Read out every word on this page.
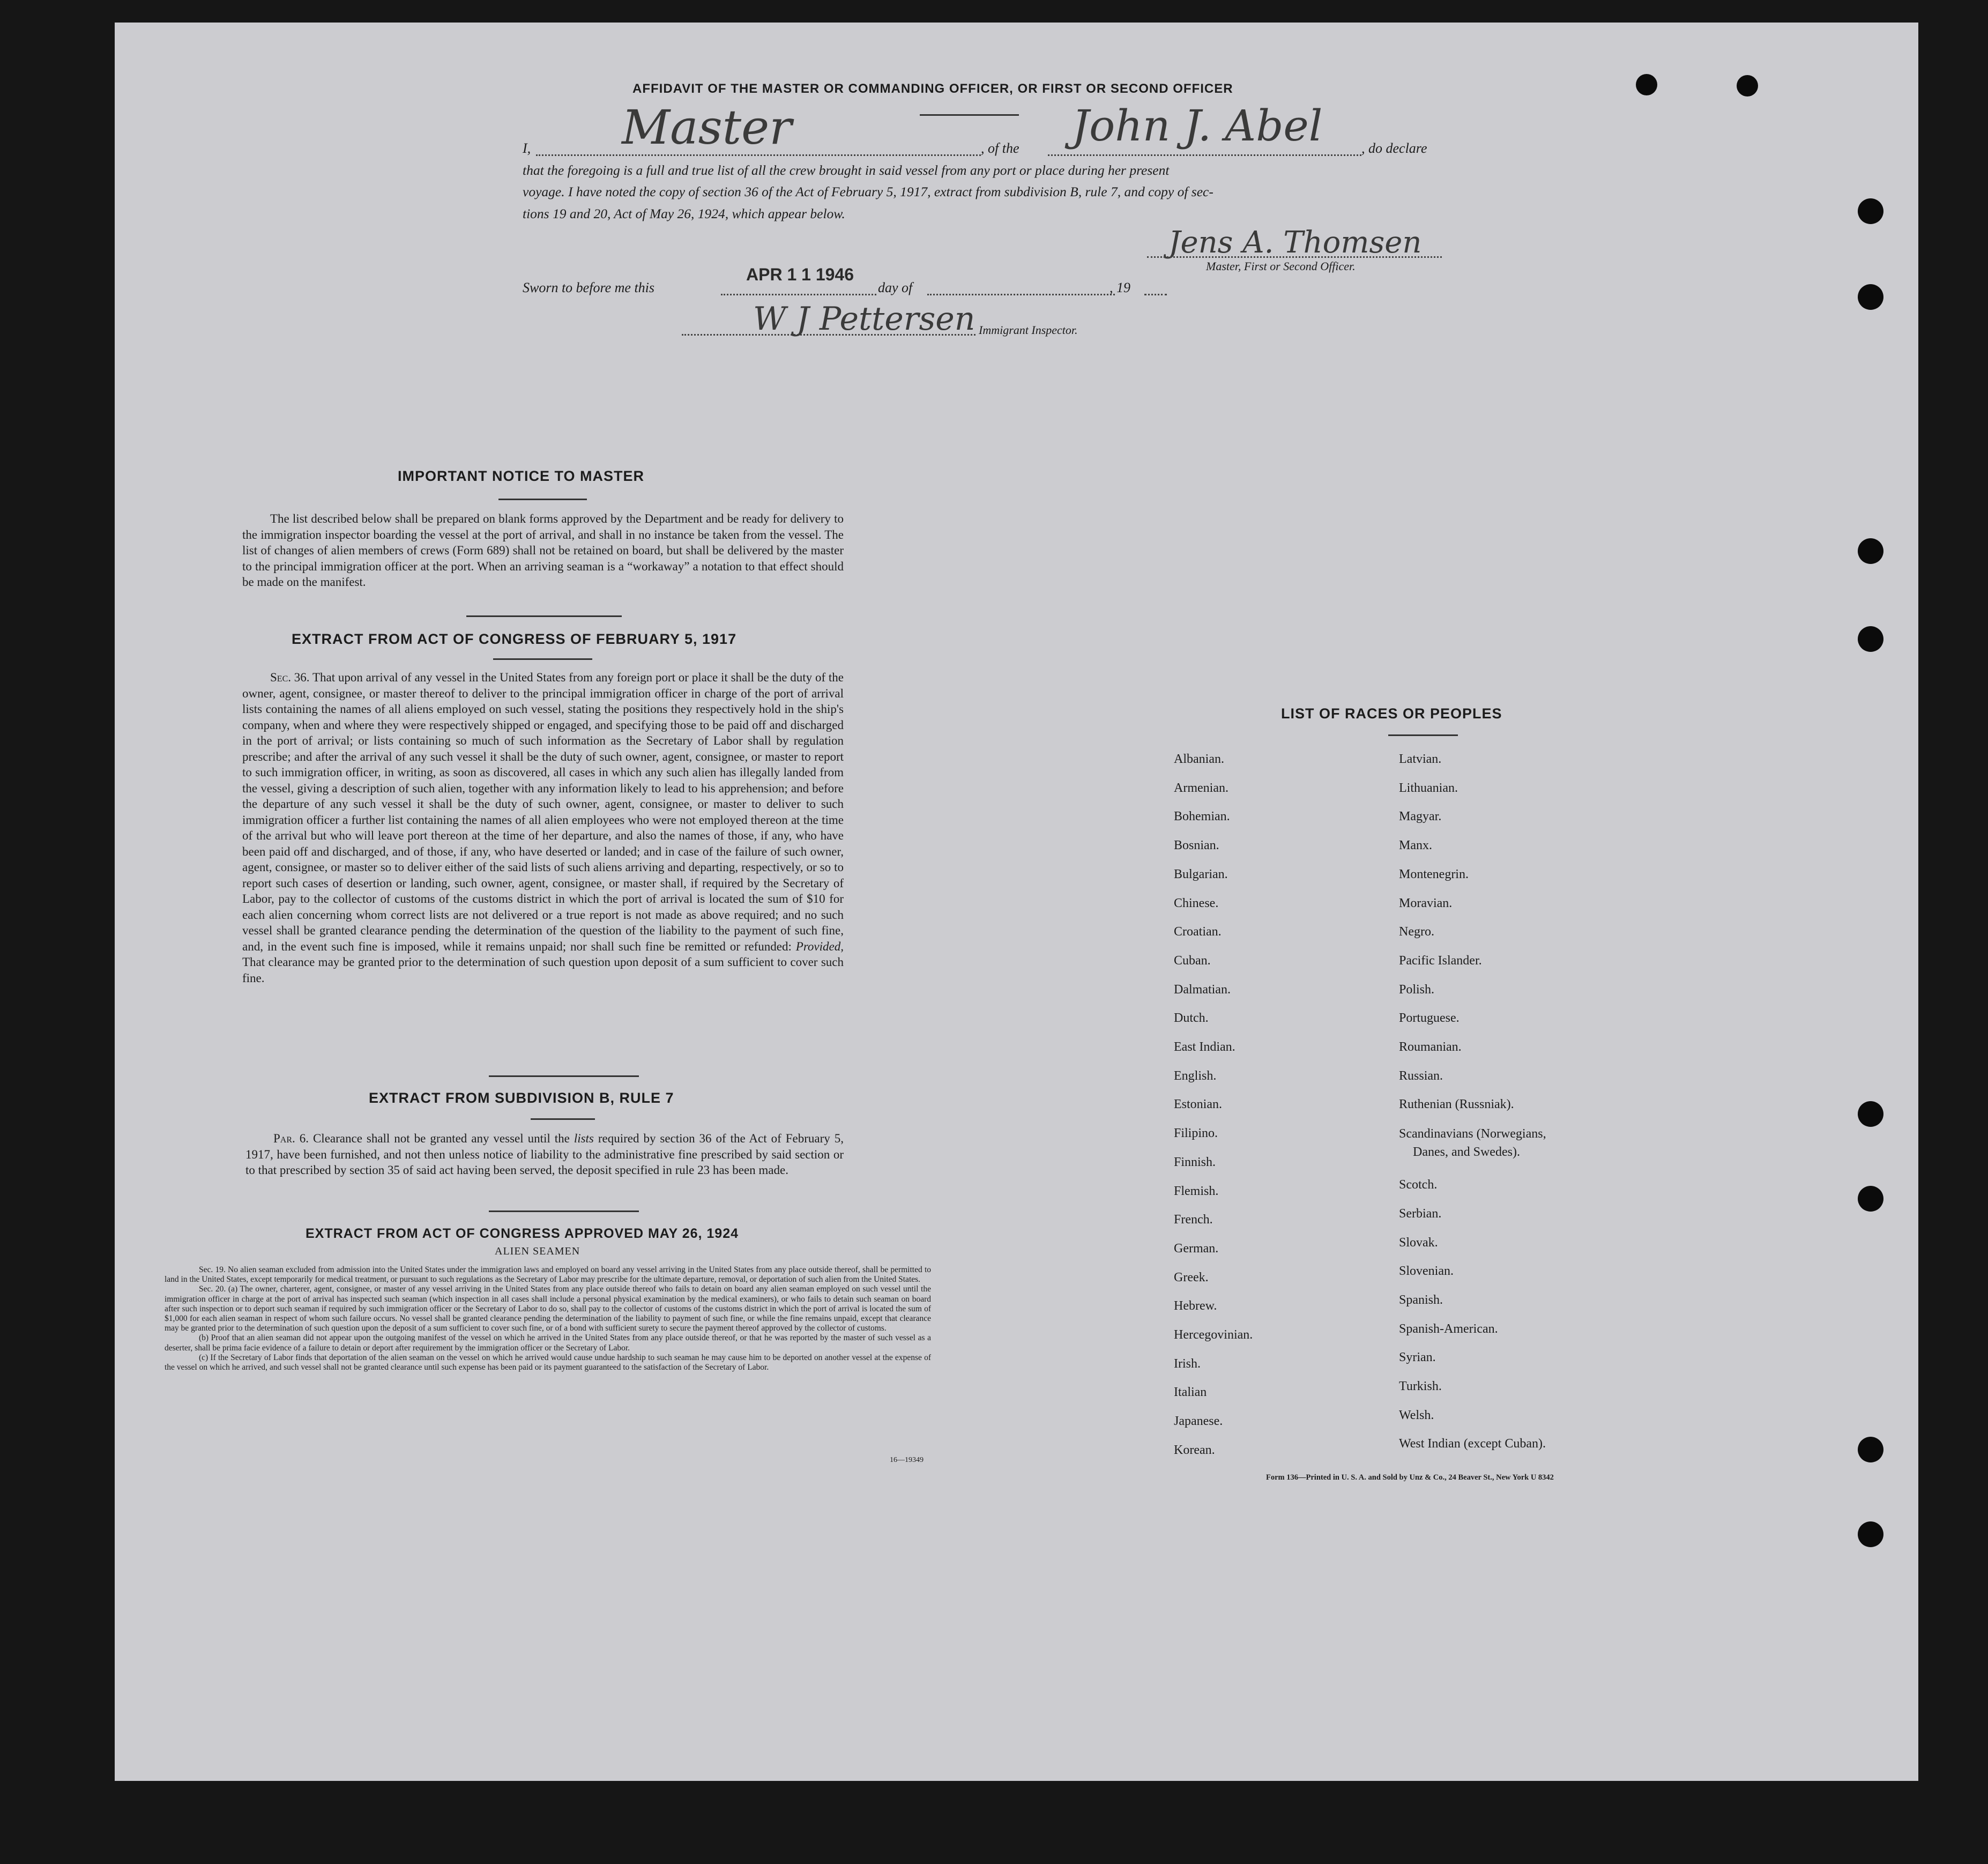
AFFIDAVIT OF THE MASTER OR COMMANDING OFFICER, OR FIRST OR SECOND OFFICER
I, Master	, of the John J. Abel	, do declare
that the foregoing is a full and true list of all the crew brought in said vessel from any port or place during her present
voyage. I have noted the copy of section 36 of the Act of February 5, 1917, extract from subdivision B, rule 7, and copy of sec-
tions 19 and 20, Act of May 26, 1924, which appear below.
Jens A. Thomsen
Master, First or Second Officer.
Sworn to before me this
APR 1 1 1946
day of	, 19
W J Pettersen Immigrant Inspector.
IMPORTANT NOTICE TO MASTER
The list described below shall be prepared on blank forms approved by the Department and be ready for delivery to the immigration inspector boarding the vessel at the port of arrival, and shall in no instance be taken from the vessel. The list of changes of alien members of crews (Form 689) shall not be retained on board, but shall be delivered by the master to the principal immigration officer at the port. When an arriving seaman is a “workaway” a notation to that effect should be made on the manifest.
EXTRACT FROM ACT OF CONGRESS OF FEBRUARY 5, 1917
Sec. 36. That upon arrival of any vessel in the United States from any foreign port or place it shall be the duty of the owner, agent, consignee, or master thereof to deliver to the principal immigration officer in charge of the port of arrival lists containing the names of all aliens employed on such vessel, stating the positions they respectively hold in the ship's company, when and where they were respectively shipped or engaged, and specifying those to be paid off and discharged in the port of arrival; or lists containing so much of such information as the Secretary of Labor shall by regulation prescribe; and after the arrival of any such vessel it shall be the duty of such owner, agent, consignee, or master to report to such immigration officer, in writing, as soon as discovered, all cases in which any such alien has illegally landed from the vessel, giving a description of such alien, together with any information likely to lead to his apprehension; and before the departure of any such vessel it shall be the duty of such owner, agent, consignee, or master to deliver to such immigration officer a further list containing the names of all alien employees who were not employed thereon at the time of the arrival but who will leave port thereon at the time of her departure, and also the names of those, if any, who have been paid off and discharged, and of those, if any, who have deserted or landed; and in case of the failure of such owner, agent, consignee, or master so to deliver either of the said lists of such aliens arriving and departing, respectively, or so to report such cases of desertion or landing, such owner, agent, consignee, or master shall, if required by the Secretary of Labor, pay to the collector of customs of the customs district in which the port of arrival is located the sum of $10 for each alien concerning whom correct lists are not delivered or a true report is not made as above required; and no such vessel shall be granted clearance pending the determination of the question of the liability to the payment of such fine, and, in the event such fine is imposed, while it remains unpaid; nor shall such fine be remitted or refunded: Provided, That clearance may be granted prior to the determination of such question upon deposit of a sum sufficient to cover such fine.
EXTRACT FROM SUBDIVISION B, RULE 7
Par. 6. Clearance shall not be granted any vessel until the lists required by section 36 of the Act of February 5, 1917, have been furnished, and not then unless notice of liability to the administrative fine prescribed by said section or to that prescribed by section 35 of said act having been served, the deposit specified in rule 23 has been made.
EXTRACT FROM ACT OF CONGRESS APPROVED MAY 26, 1924
ALIEN SEAMEN
Sec. 19. No alien seaman excluded from admission into the United States under the immigration laws and employed on board any vessel arriving in the United States from any place outside thereof, shall be permitted to land in the United States, except temporarily for medical treatment, or pursuant to such regulations as the Secretary of Labor may prescribe for the ultimate departure, removal, or deportation of such alien from the United States.
Sec. 20. (a) The owner, charterer, agent, consignee, or master of any vessel arriving in the United States from any place outside thereof who fails to detain on board any alien seaman employed on such vessel until the immigration officer in charge at the port of arrival has inspected such seaman (which inspection in all cases shall include a personal physical examination by the medical examiners), or who fails to detain such seaman on board after such inspection or to deport such seaman if required by such immigration officer or the Secretary of Labor to do so, shall pay to the collector of customs of the customs district in which the port of arrival is located the sum of $1,000 for each alien seaman in respect of whom such failure occurs. No vessel shall be granted clearance pending the determination of the liability to payment of such fine, or while the fine remains unpaid, except that clearance may be granted prior to the determination of such question upon the deposit of a sum sufficient to cover such fine, or of a bond with sufficient surety to secure the payment thereof approved by the collector of customs.
(b) Proof that an alien seaman did not appear upon the outgoing manifest of the vessel on which he arrived in the United States from any place outside thereof, or that he was reported by the master of such vessel as a deserter, shall be prima facie evidence of a failure to detain or deport after requirement by the immigration officer or the Secretary of Labor.
(c) If the Secretary of Labor finds that deportation of the alien seaman on the vessel on which he arrived would cause undue hardship to such seaman he may cause him to be deported on another vessel at the expense of the vessel on which he arrived, and such vessel shall not be granted clearance until such expense has been paid or its payment guaranteed to the satisfaction of the Secretary of Labor.
16—19349
LIST OF RACES OR PEOPLES
Albanian.
Armenian.
Bohemian.
Bosnian.
Bulgarian.
Chinese.
Croatian.
Cuban.
Dalmatian.
Dutch.
East Indian.
English.
Estonian.
Filipino.
Finnish.
Flemish.
French.
German.
Greek.
Hebrew.
Hercegovinian.
Irish.
Italian
Japanese.
Korean.
Latvian.
Lithuanian.
Magyar.
Manx.
Montenegrin.
Moravian.
Negro.
Pacific Islander.
Polish.
Portuguese.
Roumanian.
Russian.
Ruthenian (Russniak).
Scandinavians (Norwegians,
Danes, and Swedes).
Scotch.
Serbian.
Slovak.
Slovenian.
Spanish.
Spanish-American.
Syrian.
Turkish.
Welsh.
West Indian (except Cuban).
Form 136—Printed in U. S. A. and Sold by Unz & Co., 24 Beaver St., New York U 8342
